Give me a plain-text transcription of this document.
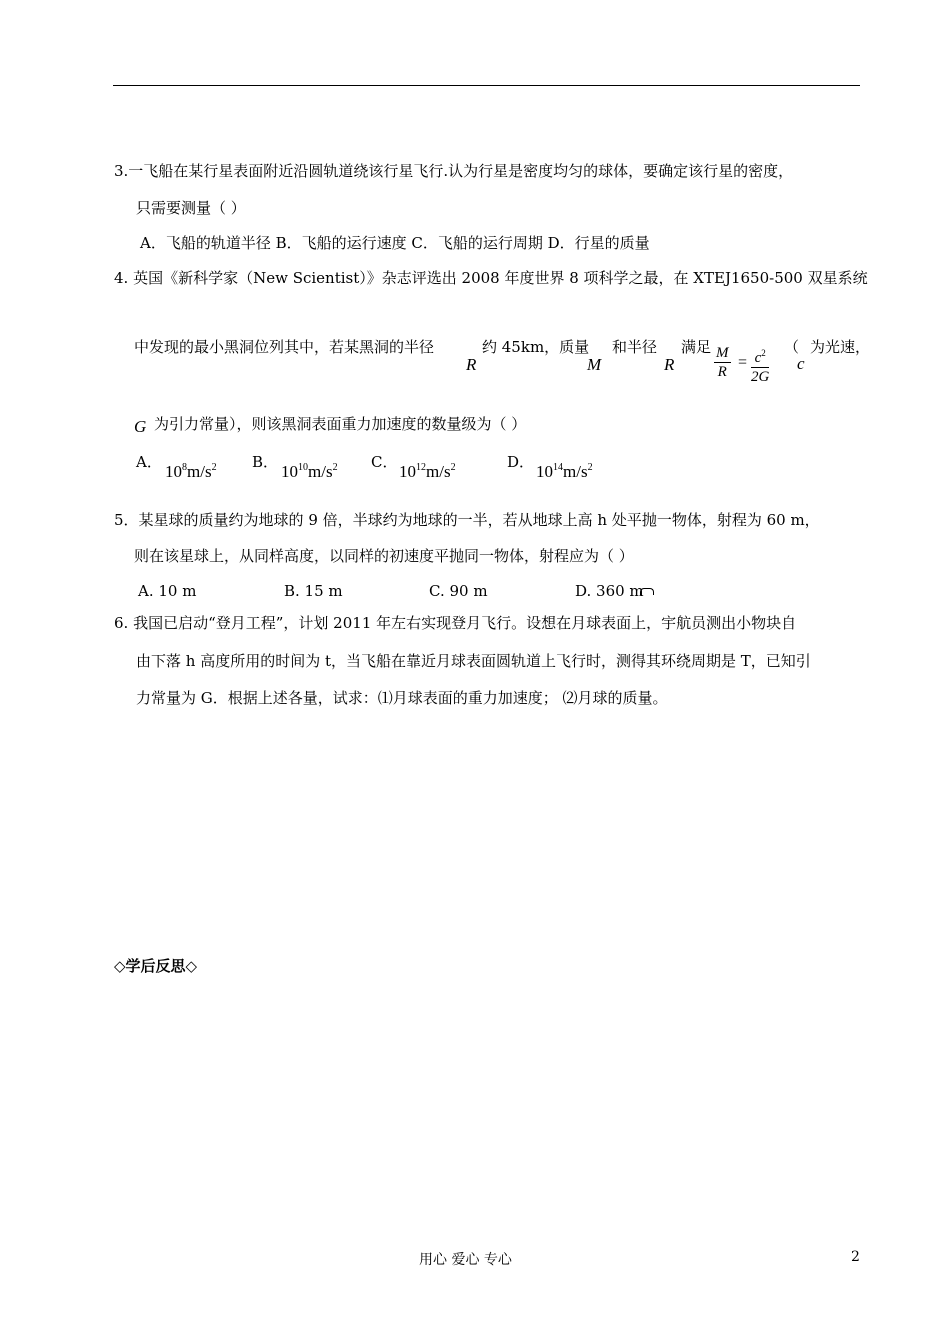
3.一飞船在某行星表面附近沿圆轨道绕该行星飞行.认为行星是密度均匀的球体，要确定该行星的密度，
只需要测量（ ）
A．飞船的轨道半径 B．飞船的运行速度 C．飞船的运行周期 D．行星的质量
4. 英国《新科学家（New Scientist）》杂志评选出 2008 年度世界 8 项科学之最，在 XTEJ1650-500 双星系统
中发现的最小黑洞位列其中，若某黑洞的半径
R
约 45km，质量
M
和半径
R
满足 $\frac{M}{R} = \frac{c^2}{2G}$ （
c
为光速，
G 为引力常量），则该黑洞表面重力加速度的数量级为（ ）
A． $10^8m/s^2$ B． $10^{10}m/s^2$ C． $10^{12}m/s^2$	D． $10^{14}m/s^2$
5．某星球的质量约为地球的 9 倍，半球约为地球的一半，若从地球上高 h 处平抛一物体，射程为 60 m，
则在该星球上，从同样高度，以同样的初速度平抛同一物体，射程应为（ ）
A. 10 m	B. 15 m	C. 90 m	D. 360 m
6. 我国已启动“登月工程”，计划 2011 年左右实现登月飞行。设想在月球表面上，宇航员测出小物块自
由下落 h 高度所用的时间为 t，当飞船在靠近月球表面圆轨道上飞行时，测得其环绕周期是 T，已知引
力常量为 G．根据上述各量，试求：⑴月球表面的重力加速度； ⑵月球的质量。
◇学后反思◇
用心 爱心 专心	2
